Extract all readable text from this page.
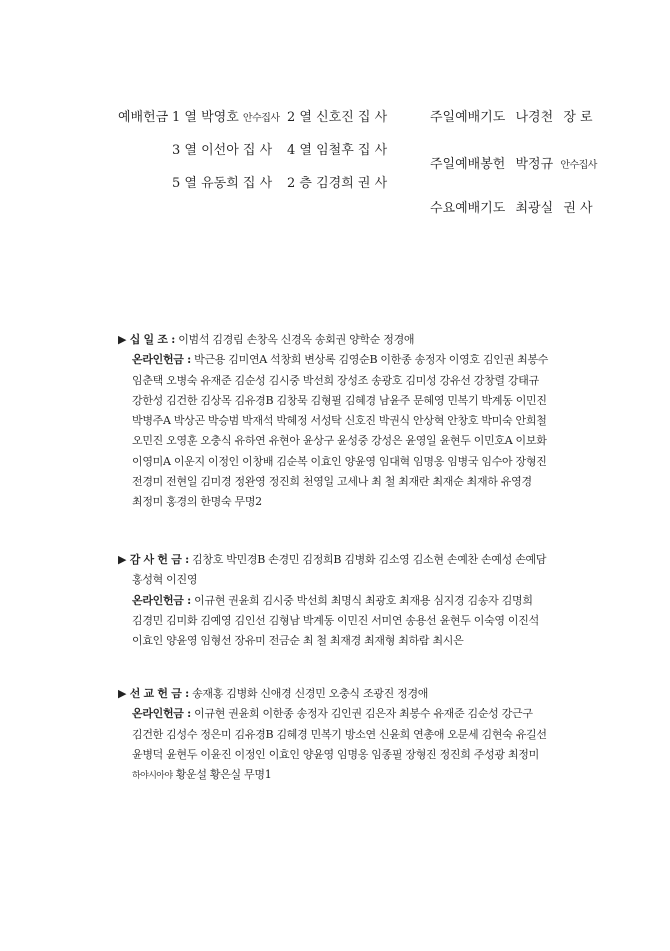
예배헌금 1 열 박영호 안수집사 2 열 신호진 집 사
3 열 이선아 집 사 4 열 임철후 집 사
5 열 유동희 집 사 2 층 김경희 권 사
주일예배기도 나경천 장 로
주일예배봉헌 박정규 안수집사
수요예배기도 최광실 권 사
▶ 십 일 조 : 이범석 김경림 손창옥 신경옥 송회권 양학순 정경애
온라인헌금 : 박근용 김미연A 석창희 변상록 김영순B 이한종 송정자 이영호 김인권 최봉수
임춘택 오병숙 유재준 김순성 김시중 박선희 장성조 송광호 김미성 강유선 강창렬 강태규
강한성 김건한 김상목 김유경B 김창묵 김형필 김혜경 남윤주 문혜영 민복기 박계동 이민진
박병주A 박상곤 박승범 박재석 박혜정 서성탁 신호진 박권식 안상혁 안창호 박미숙 안희철
오민진 오영훈 오충식 유하연 유현아 윤상구 윤성중 강성은 윤영일 윤현두 이민호A 이보화
이영미A 이운지 이정인 이창배 김순복 이효인 양윤영 임대혁 임명옹 임병국 임수아 장형진
전경미 전현일 김미경 정완영 정진희 천영일 고세나 최 철 최재란 최재순 최재하 유영경
최정미 홍경의 한명숙 무명2
▶ 감 사 헌 금 : 김창호 박민경B 손경민 김정희B 김병화 김소영 김소현 손예찬 손예성 손예담
홍성혁 이진영
온라인헌금 : 이규현 권윤희 김시중 박선희 최명식 최광호 최재용 심지경 김송자 김명희
김경민 김미화 김예영 김인선 김형남 박계동 이민진 서미연 송용선 윤현두 이숙영 이진석
이효인 양윤영 임형선 장유미 전금순 최 철 최재경 최재형 최하람 최시은
▶ 선 교 헌 금 : 송재홍 김병화 신애경 신경민 오충식 조광진 정경애
온라인헌금 : 이규현 권윤희 이한종 송정자 김인권 김은자 최봉수 유재준 김순성 강근구
김건한 김성수 정은미 김유경B 김혜경 민복기 방소연 신윤희 연총애 오문세 김현숙 유길선
윤병덕 윤현두 이윤진 이정인 이효인 양윤영 임명옹 임종필 장형진 정진희 주성광 최정미
하야시아야 황운설 황은실 무명1
